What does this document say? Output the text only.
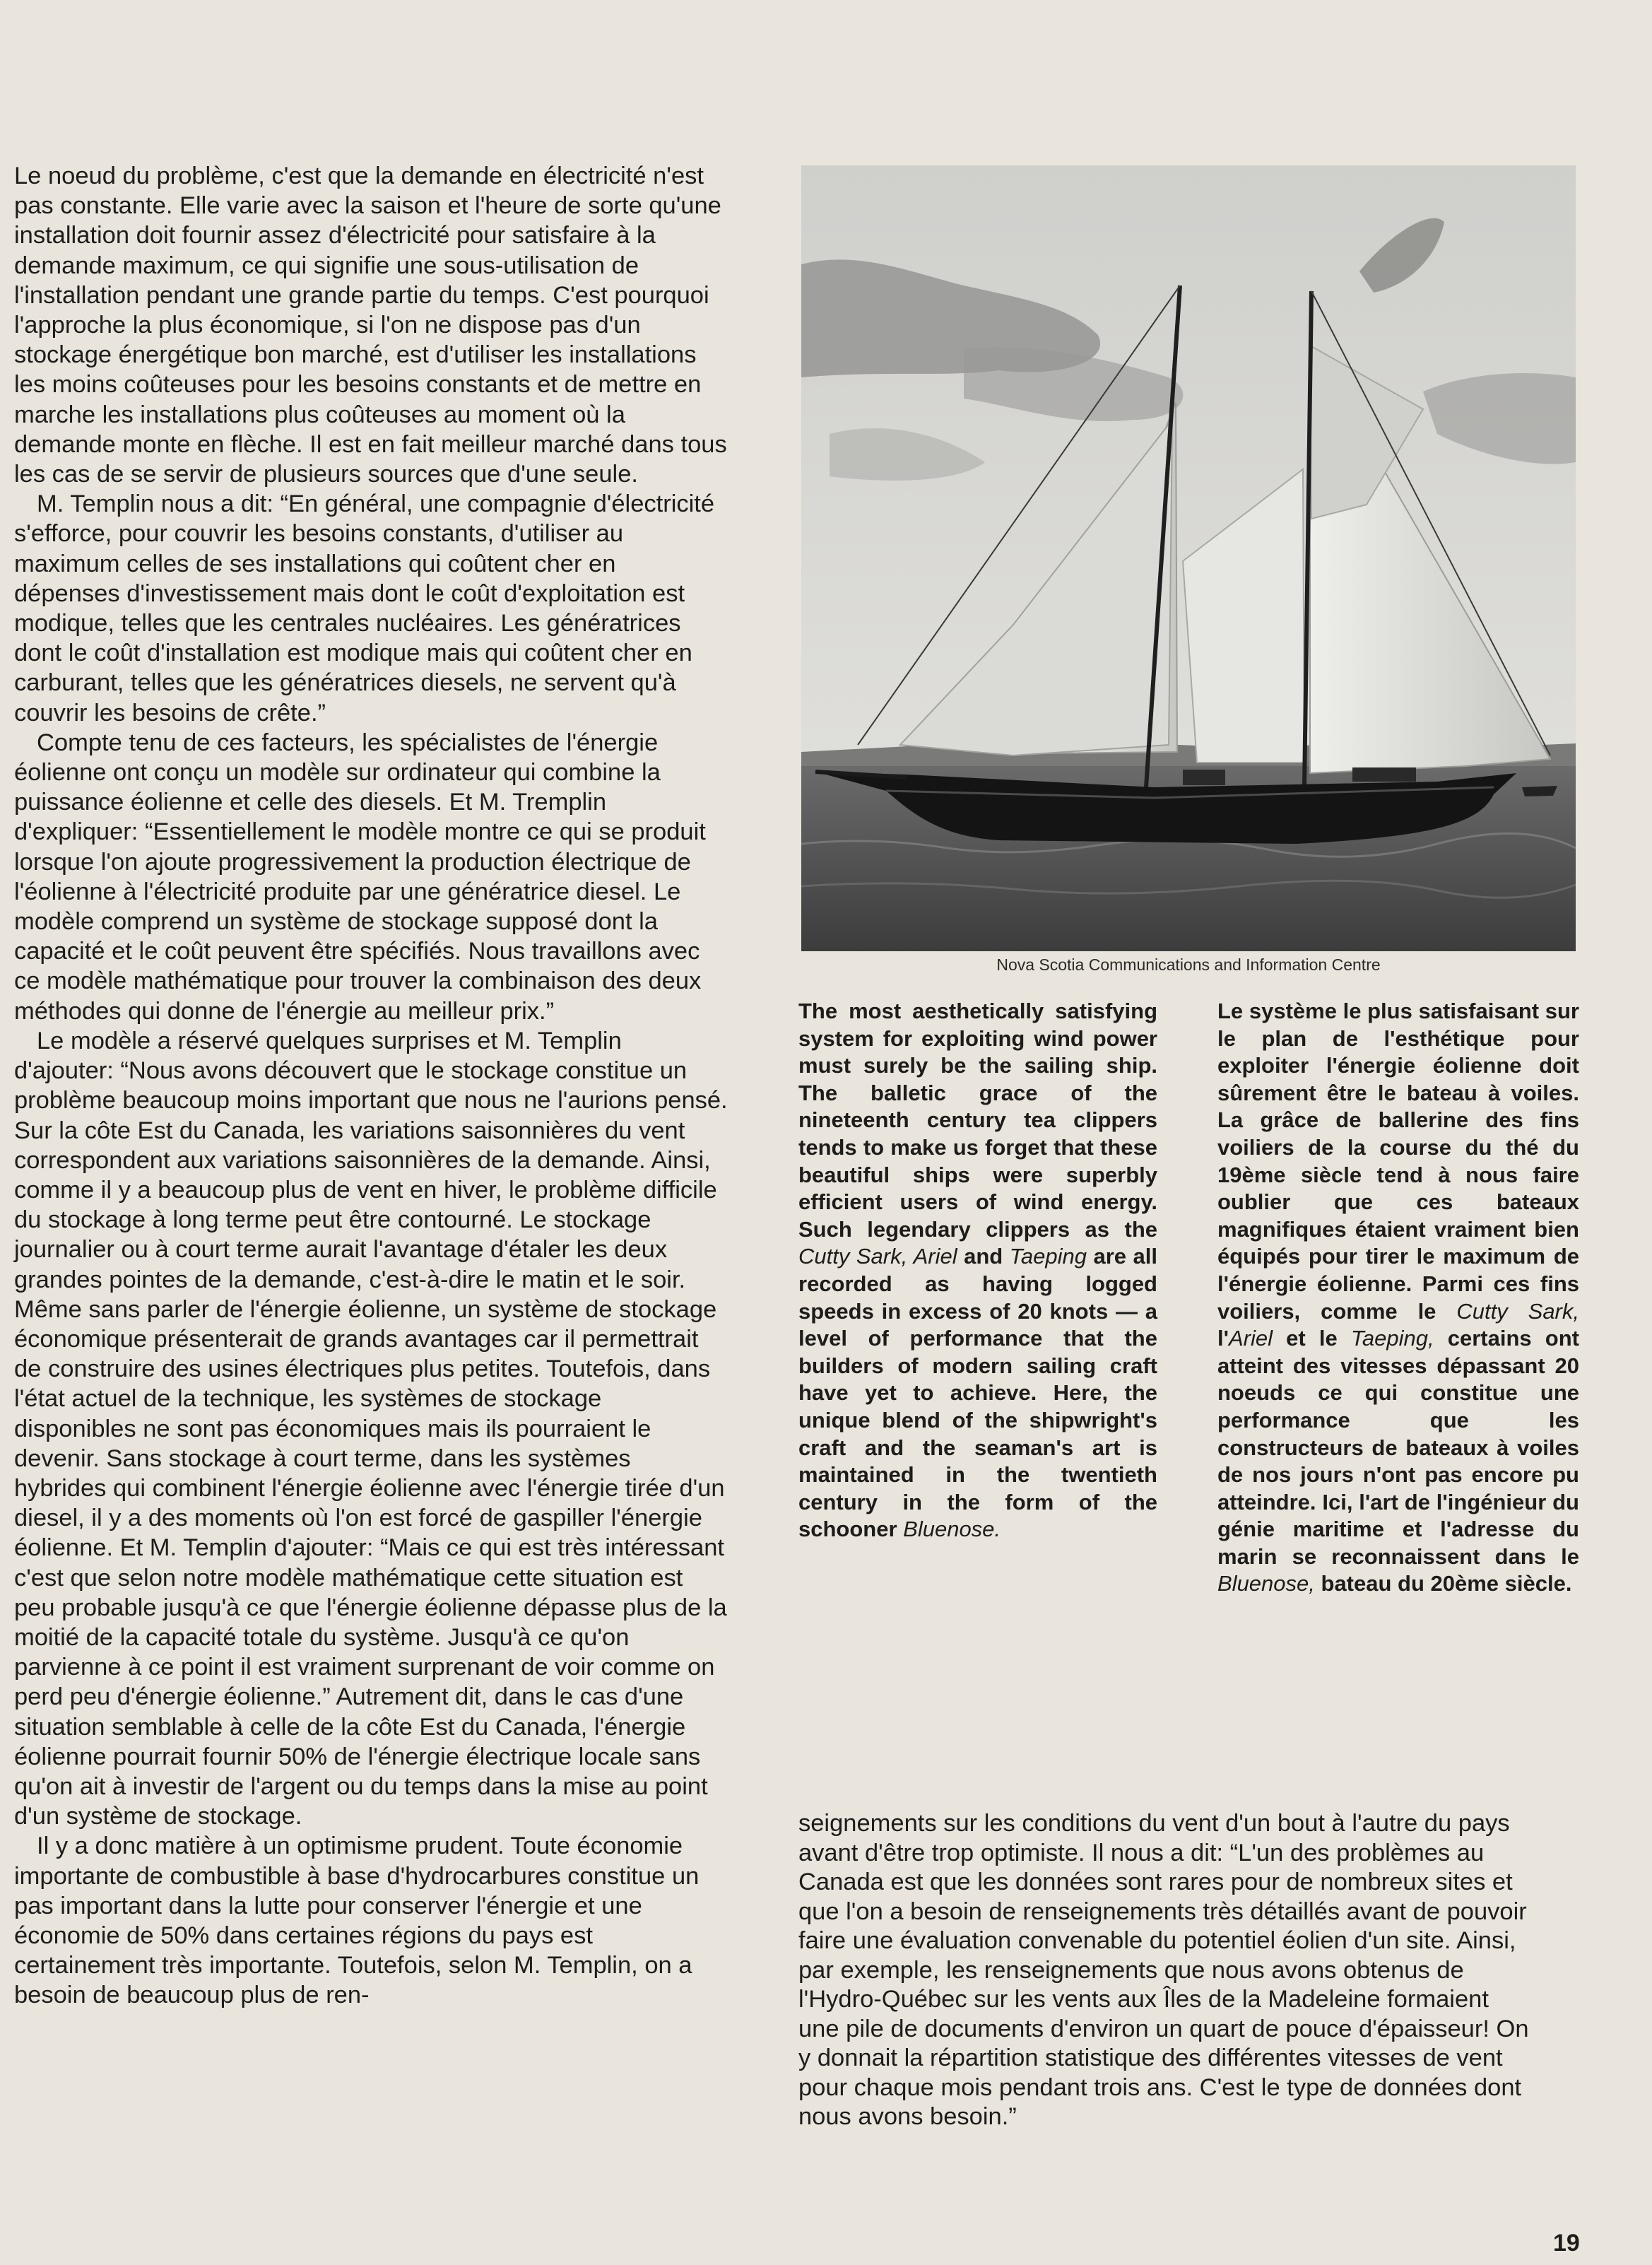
Le noeud du problème, c'est que la demande en électricité n'est pas constante. Elle varie avec la saison et l'heure de sorte qu'une installation doit fournir assez d'électricité pour satisfaire à la demande maximum, ce qui signifie une sous-utilisation de l'installation pendant une grande partie du temps. C'est pourquoi l'approche la plus économique, si l'on ne dispose pas d'un stockage énergétique bon marché, est d'utiliser les installations les moins coûteuses pour les besoins constants et de mettre en marche les installations plus coûteuses au moment où la demande monte en flèche. Il est en fait meilleur marché dans tous les cas de se servir de plusieurs sources que d'une seule.

M. Templin nous a dit: “En général, une compagnie d'électricité s'efforce, pour couvrir les besoins constants, d'utiliser au maximum celles de ses installations qui coûtent cher en dépenses d'investissement mais dont le coût d'exploitation est modique, telles que les centrales nucléaires. Les génératrices dont le coût d'installation est modique mais qui coûtent cher en carburant, telles que les génératrices diesels, ne servent qu'à couvrir les besoins de crête.”

Compte tenu de ces facteurs, les spécialistes de l'énergie éolienne ont conçu un modèle sur ordinateur qui combine la puissance éolienne et celle des diesels. Et M. Tremplin d'expliquer: “Essentiellement le modèle montre ce qui se produit lorsque l'on ajoute progressivement la production électrique de l'éolienne à l'électricité produite par une génératrice diesel. Le modèle comprend un système de stockage supposé dont la capacité et le coût peuvent être spécifiés. Nous travaillons avec ce modèle mathématique pour trouver la combinaison des deux méthodes qui donne de l'énergie au meilleur prix.”

Le modèle a réservé quelques surprises et M. Templin d'ajouter: “Nous avons découvert que le stockage constitue un problème beaucoup moins important que nous ne l'aurions pensé. Sur la côte Est du Canada, les variations saisonnières du vent correspondent aux variations saisonnières de la demande. Ainsi, comme il y a beaucoup plus de vent en hiver, le problème difficile du stockage à long terme peut être contourné. Le stockage journalier ou à court terme aurait l'avantage d'étaler les deux grandes pointes de la demande, c'est-à-dire le matin et le soir. Même sans parler de l'énergie éolienne, un système de stockage économique présenterait de grands avantages car il permettrait de construire des usines électriques plus petites. Toutefois, dans l'état actuel de la technique, les systèmes de stockage disponibles ne sont pas économiques mais ils pourraient le devenir. Sans stockage à court terme, dans les systèmes hybrides qui combinent l'énergie éolienne avec l'énergie tirée d'un diesel, il y a des moments où l'on est forcé de gaspiller l'énergie éolienne. Et M. Templin d'ajouter: “Mais ce qui est très intéressant c'est que selon notre modèle mathématique cette situation est peu probable jusqu'à ce que l'énergie éolienne dépasse plus de la moitié de la capacité totale du système. Jusqu'à ce qu'on parvienne à ce point il est vraiment surprenant de voir comme on perd peu d'énergie éolienne.” Autrement dit, dans le cas d'une situation semblable à celle de la côte Est du Canada, l'énergie éolienne pourrait fournir 50% de l'énergie électrique locale sans qu'on ait à investir de l'argent ou du temps dans la mise au point d'un système de stockage.

Il y a donc matière à un optimisme prudent. Toute économie importante de combustible à base d'hydrocarbures constitue un pas important dans la lutte pour conserver l'énergie et une économie de 50% dans certaines régions du pays est certainement très importante. Toutefois, selon M. Templin, on a besoin de beaucoup plus de ren-

Nova Scotia Communications and Information Centre

The most aesthetically satisfying system for exploiting wind power must surely be the sailing ship. The balletic grace of the nineteenth century tea clippers tends to make us forget that these beautiful ships were superbly efficient users of wind energy. Such legendary clippers as the Cutty Sark, Ariel and Taeping are all recorded as having logged speeds in excess of 20 knots — a level of performance that the builders of modern sailing craft have yet to achieve. Here, the unique blend of the shipwright's craft and the seaman's art is maintained in the twentieth century in the form of the schooner Bluenose.

Le système le plus satisfaisant sur le plan de l'esthétique pour exploiter l'énergie éolienne doit sûrement être le bateau à voiles. La grâce de ballerine des fins voiliers de la course du thé du 19ème siècle tend à nous faire oublier que ces bateaux magnifiques étaient vraiment bien équipés pour tirer le maximum de l'énergie éolienne. Parmi ces fins voiliers, comme le Cutty Sark, l'Ariel et le Taeping, certains ont atteint des vitesses dépassant 20 noeuds ce qui constitue une performance que les constructeurs de bateaux à voiles de nos jours n'ont pas encore pu atteindre. Ici, l'art de l'ingénieur du génie maritime et l'adresse du marin se reconnaissent dans le Bluenose, bateau du 20ème siècle.

seignements sur les conditions du vent d'un bout à l'autre du pays avant d'être trop optimiste. Il nous a dit: “L'un des problèmes au Canada est que les données sont rares pour de nombreux sites et que l'on a besoin de renseignements très détaillés avant de pouvoir faire une évaluation convenable du potentiel éolien d'un site. Ainsi, par exemple, les renseignements que nous avons obtenus de l'Hydro-Québec sur les vents aux Îles de la Madeleine formaient une pile de documents d'environ un quart de pouce d'épaisseur! On y donnait la répartition statistique des différentes vitesses de vent pour chaque mois pendant trois ans. C'est le type de données dont nous avons besoin.”

19
